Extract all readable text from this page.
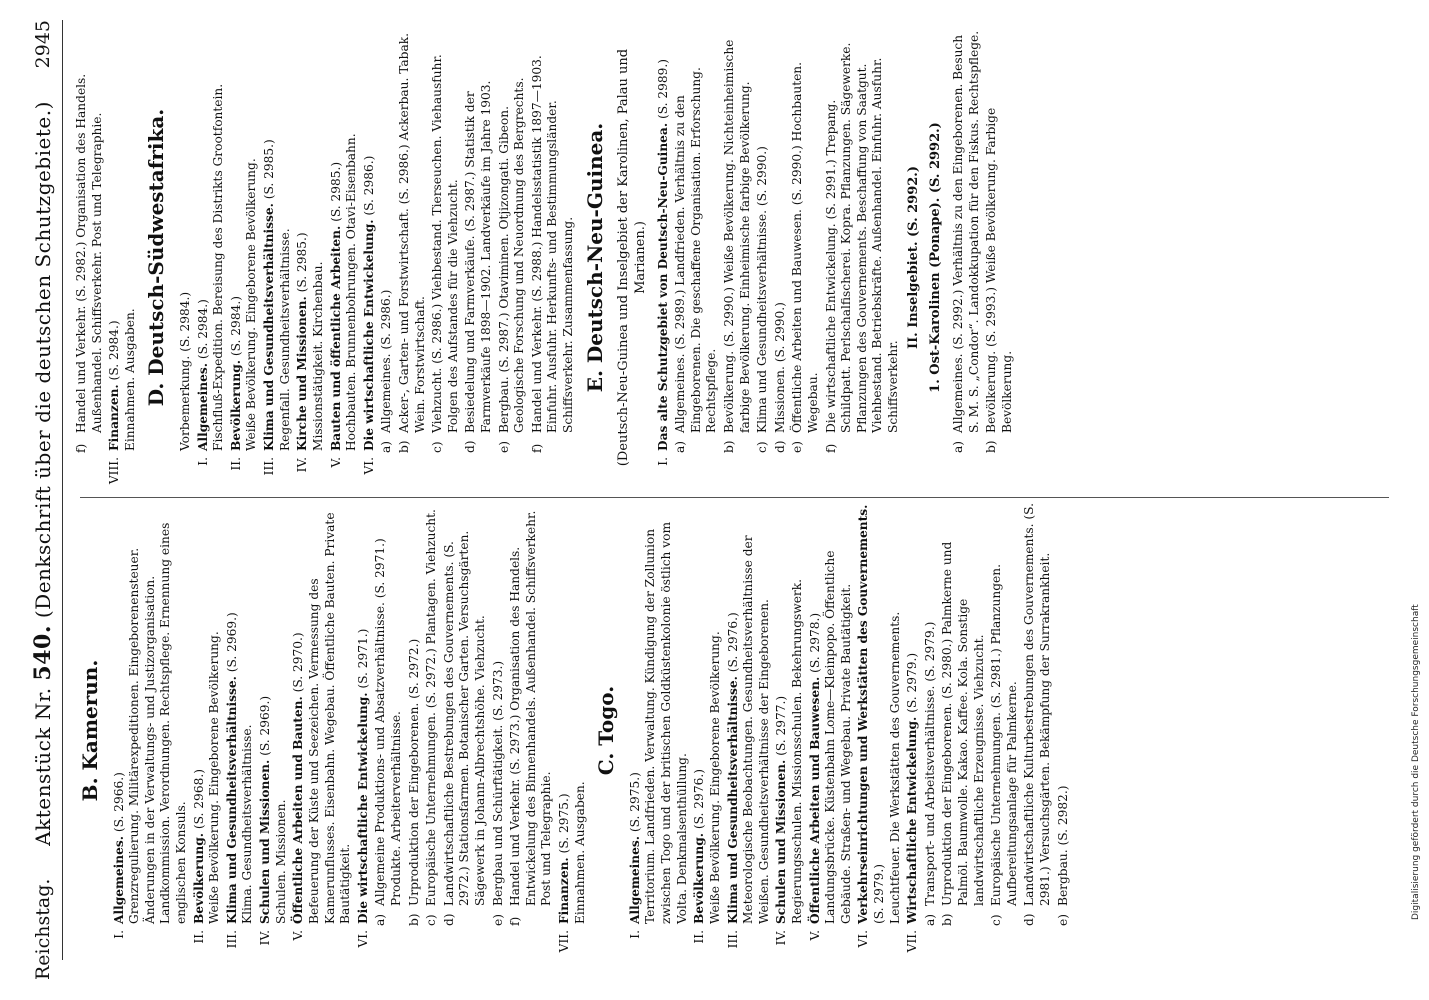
Reichstag.
Aktenstück Nr. 540. (Denkschrift über die deutschen Schutzgebiete.)
2945
B. Kamerun.
I.
Allgemeines. (S. 2966.) Grenzregulierung. Militärexpeditionen. Eingeborenensteuer. Änderungen in der Verwaltungs- und Justizorganisation. Landkommission. Verordnungen. Rechtspflege. Ernennung eines englischen Konsuls.
II.
Bevölkerung. (S. 2968.) Weiße Bevölkerung. Eingeborene Bevölkerung.
III.
Klima und Gesundheitsverhältnisse. (S. 2969.)
Klima. Gesundheitsverhältnisse.
IV.
Schulen und Missionen. (S. 2969.)
Schulen. Missionen.
V.
Öffentliche Arbeiten und Bauten. (S. 2970.) Befeuerung der Küste und Seezeichen. Vermessung des Kamerunflusses. Eisenbahn. Wegebau. Öffentliche Bauten. Private Bautätigkeit.
VI.
Die wirtschaftliche Entwickelung. (S. 2971.)
a)
Allgemeine Produktions- und Absatzverhältnisse. (S. 2971.) Produkte. Arbeiterverhältnisse.
b)
Urproduktion der Eingeborenen. (S. 2972.)
c)
Europäische Unternehmungen. (S. 2972.) Plantagen. Viehzucht.
d)
Landwirtschaftliche Bestrebungen des Gouvernements. (S. 2972.) Stationsfarmen. Botanischer Garten. Versuchsgärten. Sägewerk in Johann-Albrechtshöhe. Viehzucht.
e)
Bergbau und Schürftätigkeit. (S. 2973.)
f)
Handel und Verkehr. (S. 2973.) Organisation des Handels. Entwickelung des Binnenhandels. Außenhandel. Schiffsverkehr. Post und Telegraphie.
VII.
Finanzen. (S. 2975.) Einnahmen. Ausgaben.
C. Togo.
I.
Allgemeines. (S. 2975.) Territorium. Landfrieden. Verwaltung. Kündigung der Zollunion zwischen Togo und der britischen Goldküstenkolonie östlich vom Volta. Denkmalsenthüllung.
II.
Bevölkerung. (S. 2976.) Weiße Bevölkerung. Eingeborene Bevölkerung.
III.
Klima und Gesundheitsverhältnisse. (S. 2976.) Meteorologische Beobachtungen. Gesundheitsverhältnisse der Weißen. Gesundheitsverhältnisse der Eingeborenen.
IV.
Schulen und Missionen. (S. 2977.) Regierungsschulen. Missionsschulen. Bekehrungswerk.
V.
Öffentliche Arbeiten und Bauwesen. (S. 2978.) Landungsbrücke. Küstenbahn Lome—Kleinpopo. Öffentliche Gebäude. Straßen- und Wegebau. Private Bautätigkeit.
VI.
Verkehrseinrichtungen und Werkstätten des Gouvernements. (S. 2979.) Leuchtfeuer. Die Werkstätten des Gouvernements.
VII.
Wirtschaftliche Entwickelung. (S. 2979.)
a)
Transport- und Arbeitsverhältnisse. (S. 2979.)
b)
Urproduktion der Eingeborenen. (S. 2980.) Palmkerne und Palmöl. Baumwolle. Kakao. Kaffee. Kola. Sonstige landwirtschaftliche Erzeugnisse. Viehzucht.
c)
Europäische Unternehmungen. (S. 2981.) Pflanzungen. Aufbereitungsanlage für Palmkerne.
d)
Landwirtschaftliche Kulturbestrebungen des Gouvernements. (S. 2981.) Versuchsgärten. Bekämpfung der Surrakrankheit.
e)
Bergbau. (S. 2982.)
f)
Handel und Verkehr. (S. 2982.) Organisation des Handels. Außenhandel. Schiffsverkehr. Post und Telegraphie.
VIII.
Finanzen. (S. 2984.) Einnahmen. Ausgaben. D. Deutsch-Südwestafrika. Vorbemerkung. (S. 2984.)
I.
Allgemeines. (S. 2984.) Fischfluß-Expedition. Bereisung des Distrikts Grootfontein.
II.
Bevölkerung. (S. 2984.) Weiße Bevölkerung. Eingeborene Bevölkerung.
III.
Klima und Gesundheitsverhältnisse. (S. 2985.)
Regenfall. Gesundheitsverhältnisse.
IV.
Kirche und Missionen. (S. 2985.) Missionstätigkeit. Kirchenbau.
V.
Bauten und öffentliche Arbeiten. (S. 2985.) Hochbauten. Brunnenbohrungen. Otavi-Eisenbahn.
VI.
Die wirtschaftliche Entwickelung. (S. 2986.)
a)
Allgemeines. (S. 2986.)
b)
Acker-, Garten- und Forstwirtschaft. (S. 2986.) Ackerbau. Tabak. Wein. Forstwirtschaft.
c)
Viehzucht. (S. 2986.) Viehbestand. Tierseuchen. Viehausfuhr. Folgen des Aufstandes für die Viehzucht.
d)
Besiedelung und Farmverkäufe. (S. 2987.) Statistik der Farmverkäufe 1898—1902. Landverkäufe im Jahre 1903.
e)
Bergbau. (S. 2987.) Otaviminen. Otjizongati. Gibeon. Geologische Forschung und Neuordnung des Bergrechts.
f)
Handel und Verkehr. (S. 2988.) Handelsstatistik 1897—1903. Einfuhr. Ausfuhr. Herkunfts- und Bestimmungsländer. Schiffsverkehr. Zusammenfassung. E. Deutsch-Neu-Guinea. (Deutsch-Neu-Guinea und Inselgebiet der Karolinen, Palau und Marianen.)
I.
Das alte Schutzgebiet von Deutsch-Neu-Guinea. (S. 2989.)
a)
Allgemeines. (S. 2989.) Landfrieden. Verhältnis zu den Eingeborenen. Die geschaffene Organisation. Erforschung. Rechtspflege.
b)
Bevölkerung. (S. 2990.) Weiße Bevölkerung. Nichteinheimische farbige Bevölkerung. Einheimische farbige Bevölkerung.
c)
Klima und Gesundheitsverhältnisse. (S. 2990.)
d)
Missionen. (S. 2990.)
e)
Öffentliche Arbeiten und Bauwesen. (S. 2990.) Hochbauten. Wegebau.
f)
Die wirtschaftliche Entwickelung. (S. 2991.) Trepang. Schildpatt. Perlschalfischerei. Kopra. Pflanzungen. Sägewerke. Pflanzungen des Gouvernements. Beschaffung von Saatgut. Viehbestand. Betriebskräfte. Außenhandel. Einfuhr. Ausfuhr. Schiffsverkehr.
II. Inselgebiet. (S. 2992.) 1. Ost-Karolinen (Ponape). (S. 2992.)
a)
Allgemeines. (S. 2992.) Verhältnis zu den Eingeborenen. Besuch S. M. S. „Condor“. Landokkupation für den Fiskus. Rechtspflege.
b)
Bevölkerung. (S. 2993.) Weiße Bevölkerung. Farbige Bevölkerung.
Digitalisierung gefördert durch die Deutsche Forschungsgemeinschaft
